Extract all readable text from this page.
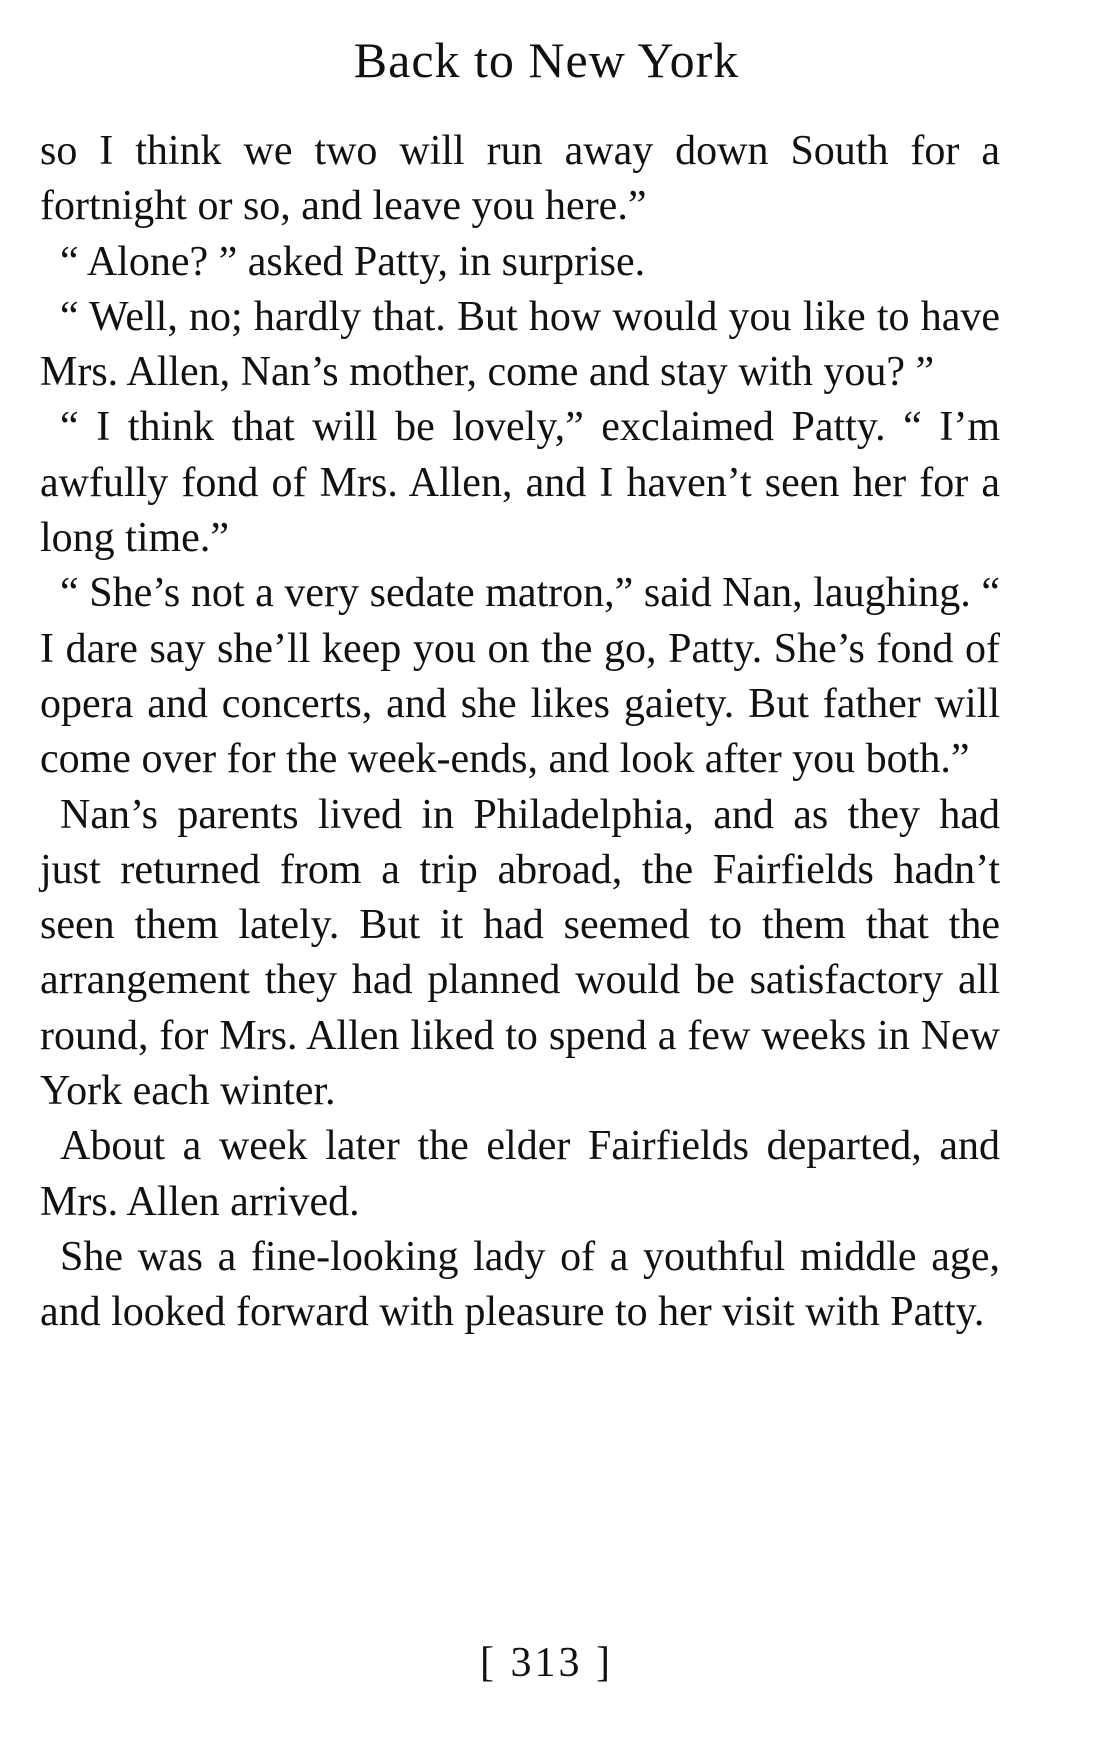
Back to New York

so I think we two will run away down South for a fortnight or so, and leave you here.”

“ Alone? ” asked Patty, in surprise.

“ Well, no; hardly that. But how would you like to have Mrs. Allen, Nan’s mother, come and stay with you? ”

“ I think that will be lovely,” exclaimed Patty. “ I’m awfully fond of Mrs. Allen, and I haven’t seen her for a long time.”

“ She’s not a very sedate matron,” said Nan, laughing. “ I dare say she’ll keep you on the go, Patty. She’s fond of opera and concerts, and she likes gaiety. But father will come over for the week-ends, and look after you both.”

Nan’s parents lived in Philadelphia, and as they had just returned from a trip abroad, the Fairfields hadn’t seen them lately. But it had seemed to them that the arrangement they had planned would be satisfactory all round, for Mrs. Allen liked to spend a few weeks in New York each winter.

About a week later the elder Fairfields departed, and Mrs. Allen arrived.

She was a fine-looking lady of a youthful middle age, and looked forward with pleasure to her visit with Patty.

[ 313 ]
